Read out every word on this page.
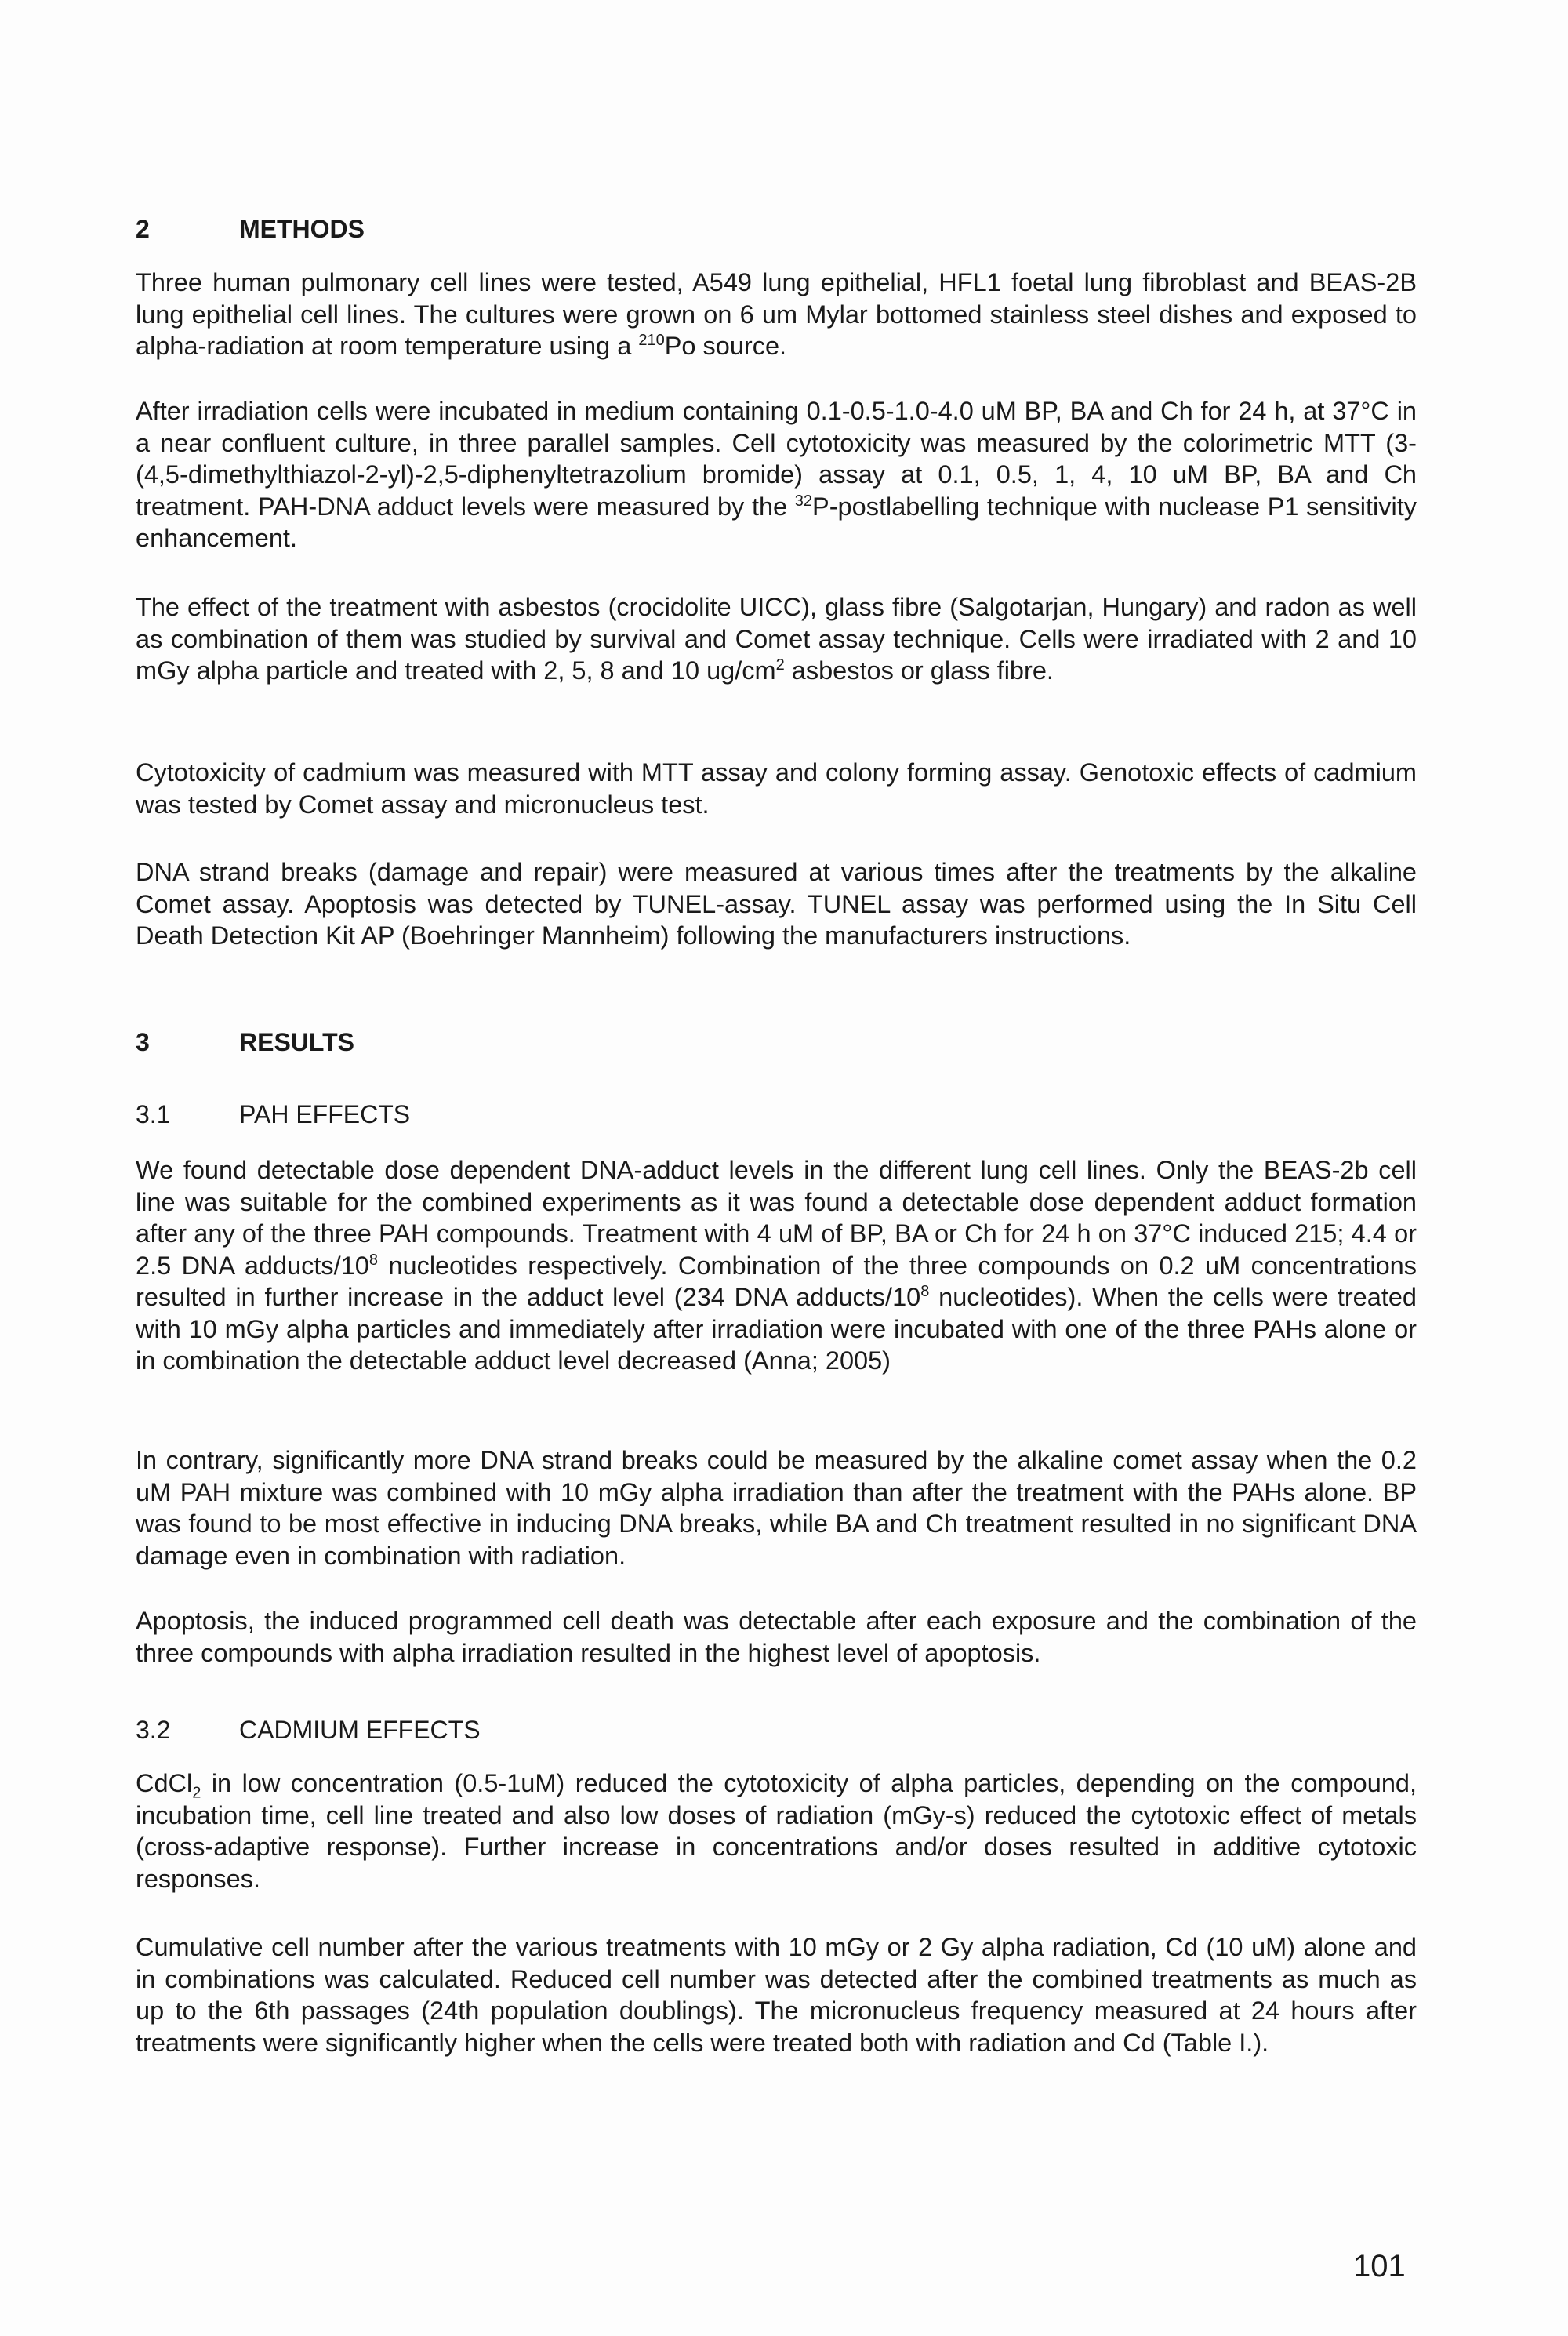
2	METHODS

Three human pulmonary cell lines were tested, A549 lung epithelial, HFL1 foetal lung fibroblast and BEAS-2B lung epithelial cell lines. The cultures were grown on 6 um Mylar bottomed stainless steel dishes and exposed to alpha-radiation at room temperature using a $^{210}$Po source.

After irradiation cells were incubated in medium containing 0.1-0.5-1.0-4.0 uM BP, BA and Ch for 24 h, at 37°C in a near confluent culture, in three parallel samples. Cell cytotoxicity was measured by the colorimetric MTT (3-(4,5-dimethylthiazol-2-yl)-2,5-diphenyltetrazolium bromide) assay at 0.1, 0.5, 1, 4, 10 uM BP, BA and Ch treatment. PAH-DNA adduct levels were measured by the $^{32}$P-postlabelling technique with nuclease P1 sensitivity enhancement.

The effect of the treatment with asbestos (crocidolite UICC), glass fibre (Salgotarjan, Hungary) and radon as well as combination of them was studied by survival and Comet assay technique. Cells were irradiated with 2 and 10 mGy alpha particle and treated with 2, 5, 8 and 10 $ug/cm^2$ asbestos or glass fibre.

Cytotoxicity of cadmium was measured with MTT assay and colony forming assay. Genotoxic effects of cadmium was tested by Comet assay and micronucleus test.

DNA strand breaks (damage and repair) were measured at various times after the treatments by the alkaline Comet assay. Apoptosis was detected by TUNEL-assay. TUNEL assay was performed using the In Situ Cell Death Detection Kit AP (Boehringer Mannheim) following the manufacturers instructions.

3	RESULTS
3.1	PAH EFFECTS

We found detectable dose dependent DNA-adduct levels in the different lung cell lines. Only the BEAS-2b cell line was suitable for the combined experiments as it was found a detectable dose dependent adduct formation after any of the three PAH compounds. Treatment with 4 uM of BP, BA or Ch for 24 h on 37°C induced 215; 4.4 or 2.5 DNA adducts/$10^8$ nucleotides respectively. Combination of the three compounds on 0.2 uM concentrations resulted in further increase in the adduct level (234 DNA adducts/$10^8$ nucleotides). When the cells were treated with 10 mGy alpha particles and immediately after irradiation were incubated with one of the three PAHs alone or in combination the detectable adduct level decreased (Anna; 2005)

In contrary, significantly more DNA strand breaks could be measured by the alkaline comet assay when the 0.2 uM PAH mixture was combined with 10 mGy alpha irradiation than after the treatment with the PAHs alone. BP was found to be most effective in inducing DNA breaks, while BA and Ch treatment resulted in no significant DNA damage even in combination with radiation.

Apoptosis, the induced programmed cell death was detectable after each exposure and the combination of the three compounds with alpha irradiation resulted in the highest level of apoptosis.

3.2	CADMIUM EFFECTS

CdCl$_2$ in low concentration (0.5-1uM) reduced the cytotoxicity of alpha particles, depending on the compound, incubation time, cell line treated and also low doses of radiation (mGy-s) reduced the cytotoxic effect of metals (cross-adaptive response). Further increase in concentrations and/or doses resulted in additive cytotoxic responses.

Cumulative cell number after the various treatments with 10 mGy or 2 Gy alpha radiation, Cd (10 uM) alone and in combinations was calculated. Reduced cell number was detected after the combined treatments as much as up to the 6th passages (24th population doublings). The micronucleus frequency measured at 24 hours after treatments were significantly higher when the cells were treated both with radiation and Cd (Table I.).

101
